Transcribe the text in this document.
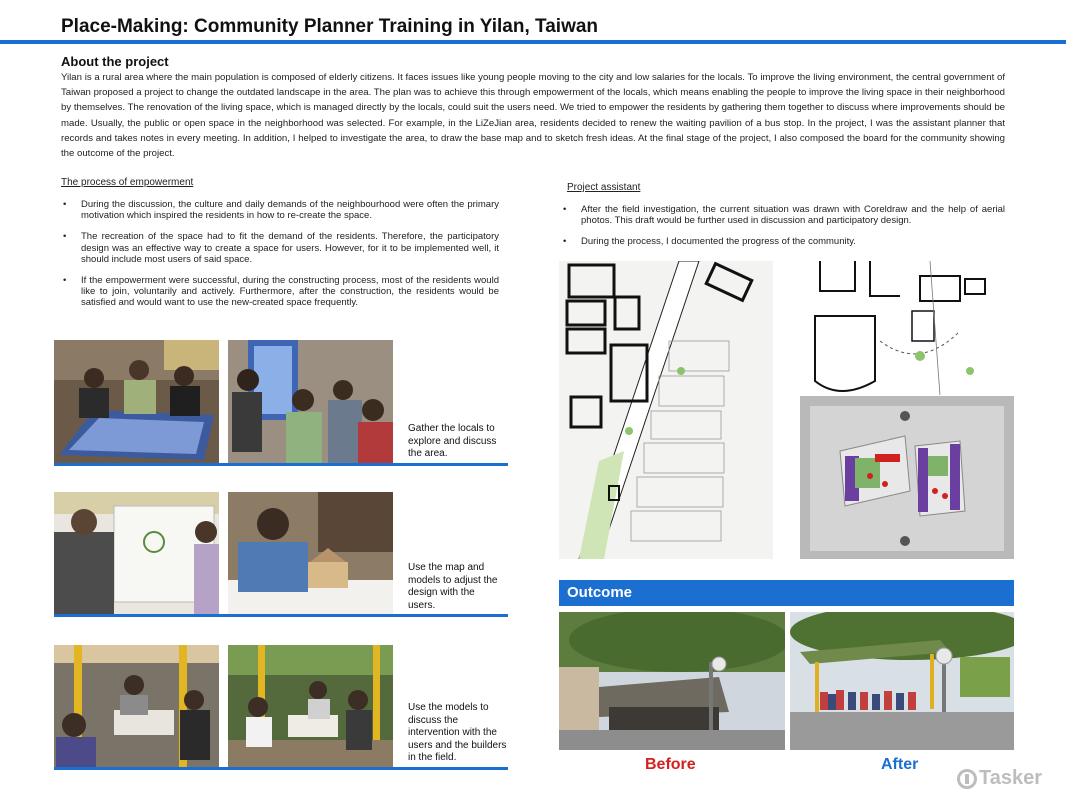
Place-Making: Community Planner Training in Yilan, Taiwan
About the project

Yilan is a rural area where the main population is composed of elderly citizens. It faces issues like young people moving to the city and low salaries for the locals. To improve the living environment, the central government of Taiwan proposed a project to change the outdated landscape in the area. The plan was to achieve this through empowerment of the locals, which means enabling the people to improve the living space in their neighborhood by themselves. The renovation of the living space, which is managed directly by the locals, could suit the users need. We tried to empower the residents by gathering them together to discuss where improvements should be made. Usually, the public or open space in the neighborhood was selected. For example, in the LiZeJian area, residents decided to renew the waiting pavilion of a bus stop. In the project, I was the assistant planner that records and takes notes in every meeting. In addition, I helped to investigate the area, to draw the base map and to sketch fresh ideas. At the final stage of the project, I also composed the board for the community showing the outcome of the project.

The process of empowerment
• During the discussion, the culture and daily demands of the neighbourhood were often the primary motivation which inspired the residents in how to re-create the space.
• The recreation of the space had to fit the demand of the residents. Therefore, the participatory design was an effective way to create a space for users. However, for it to be implemented well, it should include most users of said space.
• If the empowerment were successful, during the constructing process, most of the residents would like to join, voluntarily and actively. Furthermore, after the construction, the residents would be satisfied and would want to use the new-created space frequently.
Project assistant
• After the field investigation, the current situation was drawn with Coreldraw and the help of aerial photos. This draft would be further used in discussion and participatory design.
• During the process, I documented the progress of the community.
Gather the locals to explore and discuss the area.
Use the map and models to adjust the design with the users.
Use the models to discuss the intervention with the users and the builders in the field.
Outcome
Before	After
Tasker
